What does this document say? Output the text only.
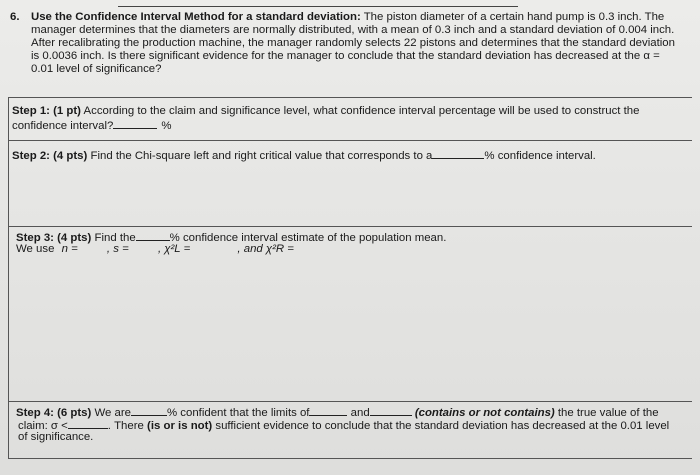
6. Use the Confidence Interval Method for a standard deviation: The piston diameter of a certain hand pump is 0.3 inch. The
manager determines that the diameters are normally distributed, with a mean of 0.3 inch and a standard deviation of 0.004 inch.
After recalibrating the production machine, the manager randomly selects 22 pistons and determines that the standard deviation
is 0.0036 inch. Is there significant evidence for the manager to conclude that the standard deviation has decreased at the α =
0.01 level of significance?
Step 1: (1 pt) According to the claim and significance level, what confidence interval percentage will be used to construct the
confidence interval?	%
Step 2: (4 pts) Find the Chi-square left and right critical value that corresponds to a	% confidence interval.
Step 3: (4 pts) Find the	% confidence interval estimate of the population mean.
We use n =	, s =	, χ²L =	, and χ²R =
Step 4: (6 pts) We are	% confident that the limits of	and	(contains or not contains) the true value of the
claim: σ <	. There (is or is not) sufficient evidence to conclude that the standard deviation has decreased at the 0.01 level
of significance.
